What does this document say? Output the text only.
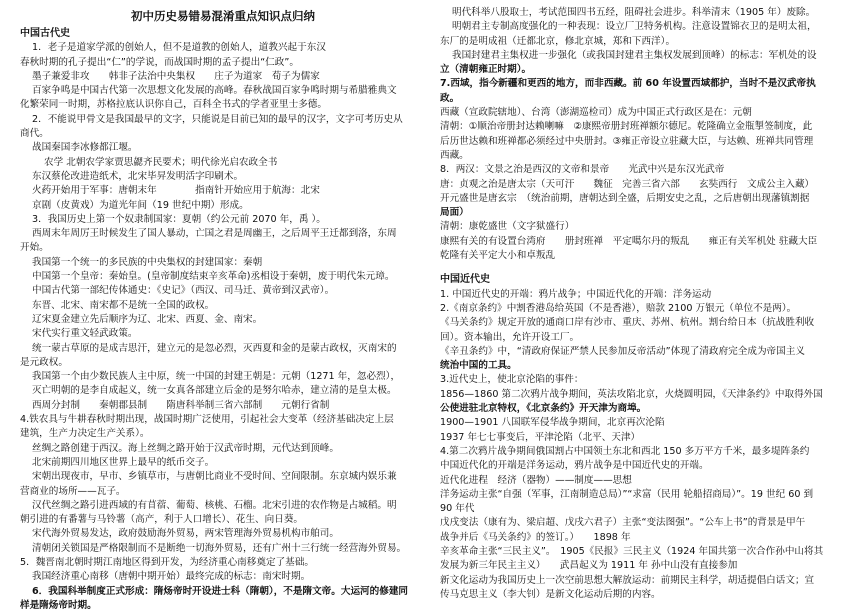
初中历史易错易混淆重点知识点归纳
中国古代史
1．老子是道家学派的创始人，但不是道教的创始人，道教兴起于东汉
春秋时期的孔子提出“仁”的学说，而战国时期的孟子提出“仁政”。
墨子兼爱非攻　　韩非子法治中央集权　　庄子为道家　荀子为儒家
百家争鸣是中国古代第一次思想文化发展的高峰。春秋战国百家争鸣时期与希腊雅典文
化繁荣同一时期，苏格拉底认识你自己，百科全书式的学者亚里士多德。
2．不能说甲骨文是我国最早的文字，只能说是目前已知的最早的汉字，文字可考历史从
商代。
战国秦国李冰修都江堰。
农学 北朝农学家贾思勰齐民要术；明代徐光启农政全书
东汉蔡伦改进造纸术，北宋毕昇发明活字印刷术。
火药开始用于军事：唐朝末年　　　　指南针开始应用于航海：北宋
京剧（皮黄戏）为道光年间（19 世纪中期）形成。
3．我国历史上第一个奴隶制国家：夏朝（约公元前 2070 年，禹 ）。
西周末年周厉王时候发生了国人暴动，亡国之君是周幽王，之后周平王迁都到洛，东周
开始。
我国第一个统一的多民族的中央集权的封建国家：秦朝
中国第一个皇帝：秦始皇。(皇帝制度结束辛亥革命)丞相设于秦朝，废于明代朱元璋。
中国古代第一部纪传体通史：《史记》（西汉、司马迁、黄帝到汉武帝）。
东晋、北宋、南宋都不是统一全国的政权。
辽宋夏金建立先后顺序为辽、北宋、西夏、金、南宋。
宋代实行重文轻武政策。
统一蒙古草原的是成吉思汗，建立元的是忽必烈，灭西夏和金的是蒙古政权，灭南宋的
是元政权。
我国第一个由少数民族人主中原，统一中国的封建王朝是：元朝（1271 年，忽必烈），
灭亡明朝的是李自成起义，统一女真各部建立后金的是努尔哈赤，建立清的是皇太极。
西周分封制　　秦朝郡县制　　隋唐科举制三省六部制　　元朝行省制
4.铁农具与牛耕春秋时期出现，战国时期广泛使用，引起社会大变革（经济基础决定上层
建筑，生产力决定生产关系）。
丝绸之路创建于西汉。海上丝绸之路开始于汉武帝时期，元代达到顶峰。
北宋前期四川地区世界上最早的纸币交子。
宋朝出现夜市，早市、乡镇草市，与唐朝比商业不受时间、空间限制。东京城内娱乐兼
营商业的场所——瓦子。
汉代丝绸之路引进西域的有苜蓿、葡萄、核桃、石榴。北宋引进的农作物是占城稻。明
朝引进的有番薯与马铃薯（高产，利于人口增长）、花生、向日葵。
宋代海外贸易发达，政府鼓励海外贸易，两宋管理海外贸易机构市舶司。
清朝闭关锁国是严格限制而不是断绝一切海外贸易，还有广州十三行统一经营海外贸易。
5．魏晋南北朝时期江南地区得到开发，为经济重心南移奠定了基础。
我国经济重心南移（唐朝中期开始）最终完成的标志：南宋时期。
6．我国科举制度正式形成：隋炀帝时开设进士科（隋朝），不是隋文帝。大运河的修建同
样是隋炀帝时期。
明代科举八股取士，考试范围四书五经，阻碍社会进步。科举清末（1905 年）废除。
明朝君主专制高度强化的一种表现：设立厂卫特务机构。注意设置锦衣卫的是明太祖，
东厂的是明成祖（迁都北京，修北京城，郑和下西洋）。
我国封建君主集权进一步强化（或我国封建君主集权发展到顶峰）的标志：军机处的设
立（清朝雍正时期）。
7.西域，指今新疆和更西的地方，而非西藏。前 60 年设置西域都护，当时不是汉武帝执
政。
西藏（宣政院辖地）、台湾（澎湖巡检司）成为中国正式行政区是在：元朝
清朝：①顺治帝册封达赖喇嘛　②康熙帝册封班禅额尔德尼。乾隆确立金瓶掣签制度，此
后历世达赖和班禅都必须经过中央册封。③雍正帝设立驻藏大臣，与达赖、班禅共同管理
西藏。
8．两汉：文景之治是西汉的文帝和景帝　　光武中兴是东汉光武帝
唐：贞观之治是唐太宗（天可汗　　魏征　完善三省六部　　玄奘西行　文成公主入藏）
开元盛世是唐玄宗　（统治前期，唐朝达到全盛，后期安史之乱，之后唐朝出现藩镇割据
局面）
清朝：康乾盛世（文字狱盛行）
康熙有关的有设置台湾府　　册封班禅　平定噶尔丹的叛乱　　雍正有关军机处 驻藏大臣
乾隆有关平定大小和卓叛乱
中国近代史
1. 中国近代史的开端：鸦片战争；中国近代化的开端：洋务运动
2.《南京条约》中割香港岛给英国（不是香港），赔款 2100 万银元（单位不是两）。
《马关条约》规定开放的通商口岸有沙市、重庆、苏州、杭州。割台给日本（抗战胜利收
回）。资本输出，允许开设工厂。
《辛丑条约》中，“清政府保证严禁人民参加反帝活动”体现了清政府完全成为帝国主义
统治中国的工具。
3.近代史上，使北京沦陷的事件：
1856—1860 第二次鸦片战争期间，英法攻陷北京，火烧圆明园，《天津条约》中取得外国
公使进驻北京特权，《北京条约》开天津为商埠。
1900—1901 八国联军侵华战争期间，北京再次沦陷
1937 年七七事变后，平津沦陷（北平、天津）
4.第二次鸦片战争期间俄国割占中国领土东北和西北 150 多万平方千米，最多堤阵条约
中国近代化的开端是洋务运动，鸦片战争是中国近代史的开端。
近代化进程　经济（器物）——制度——思想
洋务运动主张“自强（军事，江南制造总局）”“求富（民用 轮船招商局）”。19 世纪 60 到
90 年代
戊戌变法（康有为、梁启超、戊戌六君子）主张“变法图强”。“公车上书”的背景是甲午
战争并后《马关条约》的签订。）　　1898 年
辛亥革命主张“三民主义”。　1905《民报》三民主义（1924 年国共第一次合作孙中山将其
发展为新三年民主主义）　　武昌起义为 1911 年 孙中山没有直接参加
新文化运动为我国历史上一次空前思想大解放运动：前期民主科学，胡适提倡白话文；宣
传马克思主义（李大钊）是新文化运动后期的内容。
